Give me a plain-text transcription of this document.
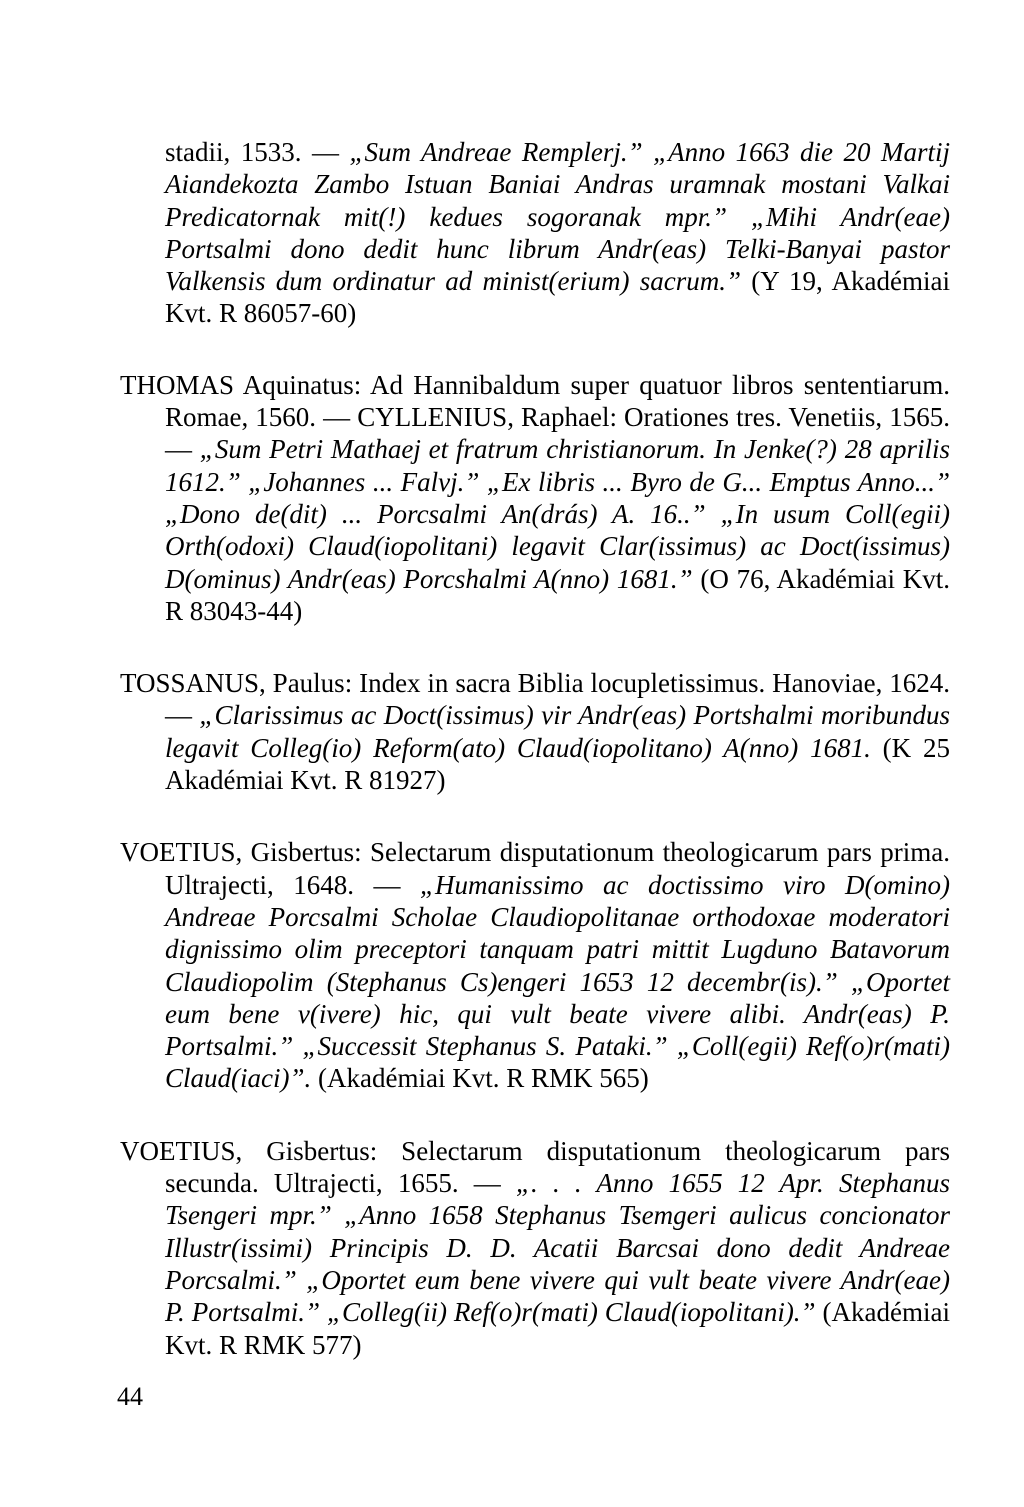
stadii, 1533. — „Sum Andreae Remplerj.” „Anno 1663 die 20 Martij Aiandekozta Zambo Istuan Baniai Andras uramnak mostani Valkai Predicatornak mit(!) kedues sogoranak mpr.” „Mihi Andr(eae) Portsalmi dono dedit hunc librum Andr(eas) Telki-Banyai pastor Valkensis dum ordinatur ad minist(erium) sacrum.” (Y 19, Akadémiai Kvt. R 86057-60)

THOMAS Aquinatus: Ad Hannibaldum super quatuor libros sententiarum. Romae, 1560. — CYLLENIUS, Raphael: Orationes tres. Venetiis, 1565. — „Sum Petri Mathaej et fratrum christianorum. In Jenke(?) 28 aprilis 1612.” „Johannes ... Falvj.” „Ex libris ... Byro de G... Emptus Anno...” „Dono de(dit) ... Porcsalmi An(drás) A. 16..” „In usum Coll(egii) Orth(odoxi) Claud(iopolitani) legavit Clar(issimus) ac Doct(issimus) D(ominus) Andr(eas) Porcshalmi A(nno) 1681.” (O 76, Akadémiai Kvt. R 83043-44)

TOSSANUS, Paulus: Index in sacra Biblia locupletissimus. Hanoviae, 1624. — „Clarissimus ac Doct(issimus) vir Andr(eas) Portshalmi moribundus legavit Colleg(io) Reform(ato) Claud(iopolitano) A(nno) 1681. (K 25 Akadémiai Kvt. R 81927)

VOETIUS, Gisbertus: Selectarum disputationum theologicarum pars prima. Ultrajecti, 1648. — „Humanissimo ac doctissimo viro D(omino) Andreae Porcsalmi Scholae Claudiopolitanae orthodoxae moderatori dignissimo olim preceptori tanquam patri mittit Lugduno Batavorum Claudiopolim (Stephanus Cs)engeri 1653 12 decembr(is).” „Oportet eum bene v(ivere) hic, qui vult beate vivere alibi. Andr(eas) P. Portsalmi.” „Successit Stephanus S. Pataki.” „Coll(egii) Ref(o)r(mati) Claud(iaci)”. (Akadémiai Kvt. R RMK 565)

VOETIUS, Gisbertus: Selectarum disputationum theologicarum pars secunda. Ultrajecti, 1655. — „. . . Anno 1655 12 Apr. Stephanus Tsengeri mpr.” „Anno 1658 Stephanus Tsemgeri aulicus concionator Illustr(issimi) Principis D. D. Acatii Barcsai dono dedit Andreae Porcsalmi.” „Oportet eum bene vivere qui vult beate vivere Andr(eae) P. Portsalmi.” „Colleg(ii) Ref(o)r(mati) Claud(iopolitani).” (Akadémiai Kvt. R RMK 577)

44
